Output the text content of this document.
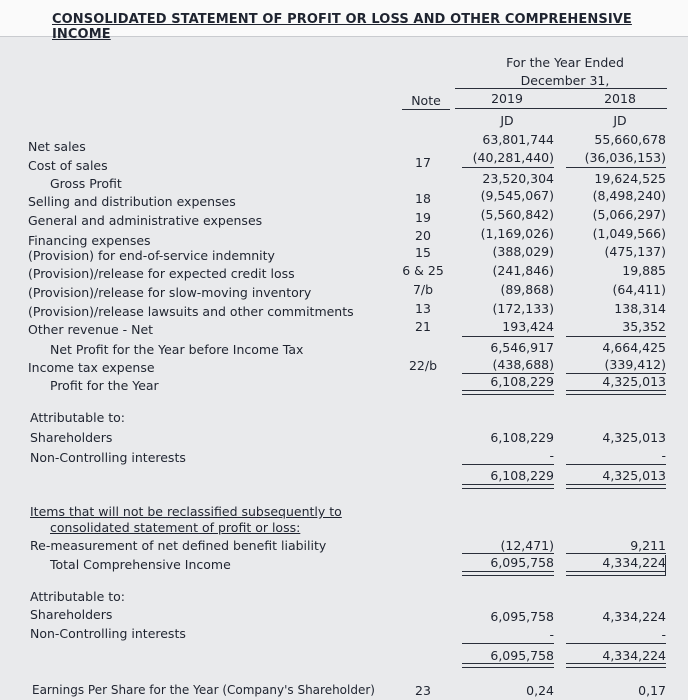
CONSOLIDATED STATEMENT OF PROFIT OR LOSS AND OTHER COMPREHENSIVE INCOME
For the Year Ended
December 31,
Note	2019	2018
JD	JD
Net sales	63,801,744	55,660,678
Cost of sales	17	(40,281,440)	(36,036,153)
Gross Profit	23,520,304	19,624,525
Selling and distribution expenses	18	(9,545,067)	(8,498,240)
General and administrative expenses	19	(5,560,842)	(5,066,297)
Financing expenses	20	(1,169,026)	(1,049,566)
(Provision) for end-of-service indemnity	15	(388,029)	(475,137)
(Provision)/release for expected credit loss	6 & 25	(241,846)	19,885
(Provision)/release for slow-moving inventory	7/b	(89,868)	(64,411)
(Provision)/release lawsuits and other commitments	13	(172,133)	138,314
Other revenue - Net	21	193,424	35,352
Net Profit for the Year before Income Tax	6,546,917	4,664,425
Income tax expense	22/b	(438,688)	(339,412)
Profit for the Year	6,108,229	4,325,013
Attributable to:
Shareholders	6,108,229	4,325,013
Non-Controlling interests	-	-
6,108,229	4,325,013
Items that will not be reclassified subsequently to
consolidated statement of profit or loss:
Re-measurement of net defined benefit liability	(12,471)	9,211
Total Comprehensive Income	6,095,758	4,334,224
Attributable to:
Shareholders	6,095,758	4,334,224
Non-Controlling interests	-	-
6,095,758	4,334,224
Earnings Per Share for the Year (Company's Shareholder)	23	0,24	0,17
